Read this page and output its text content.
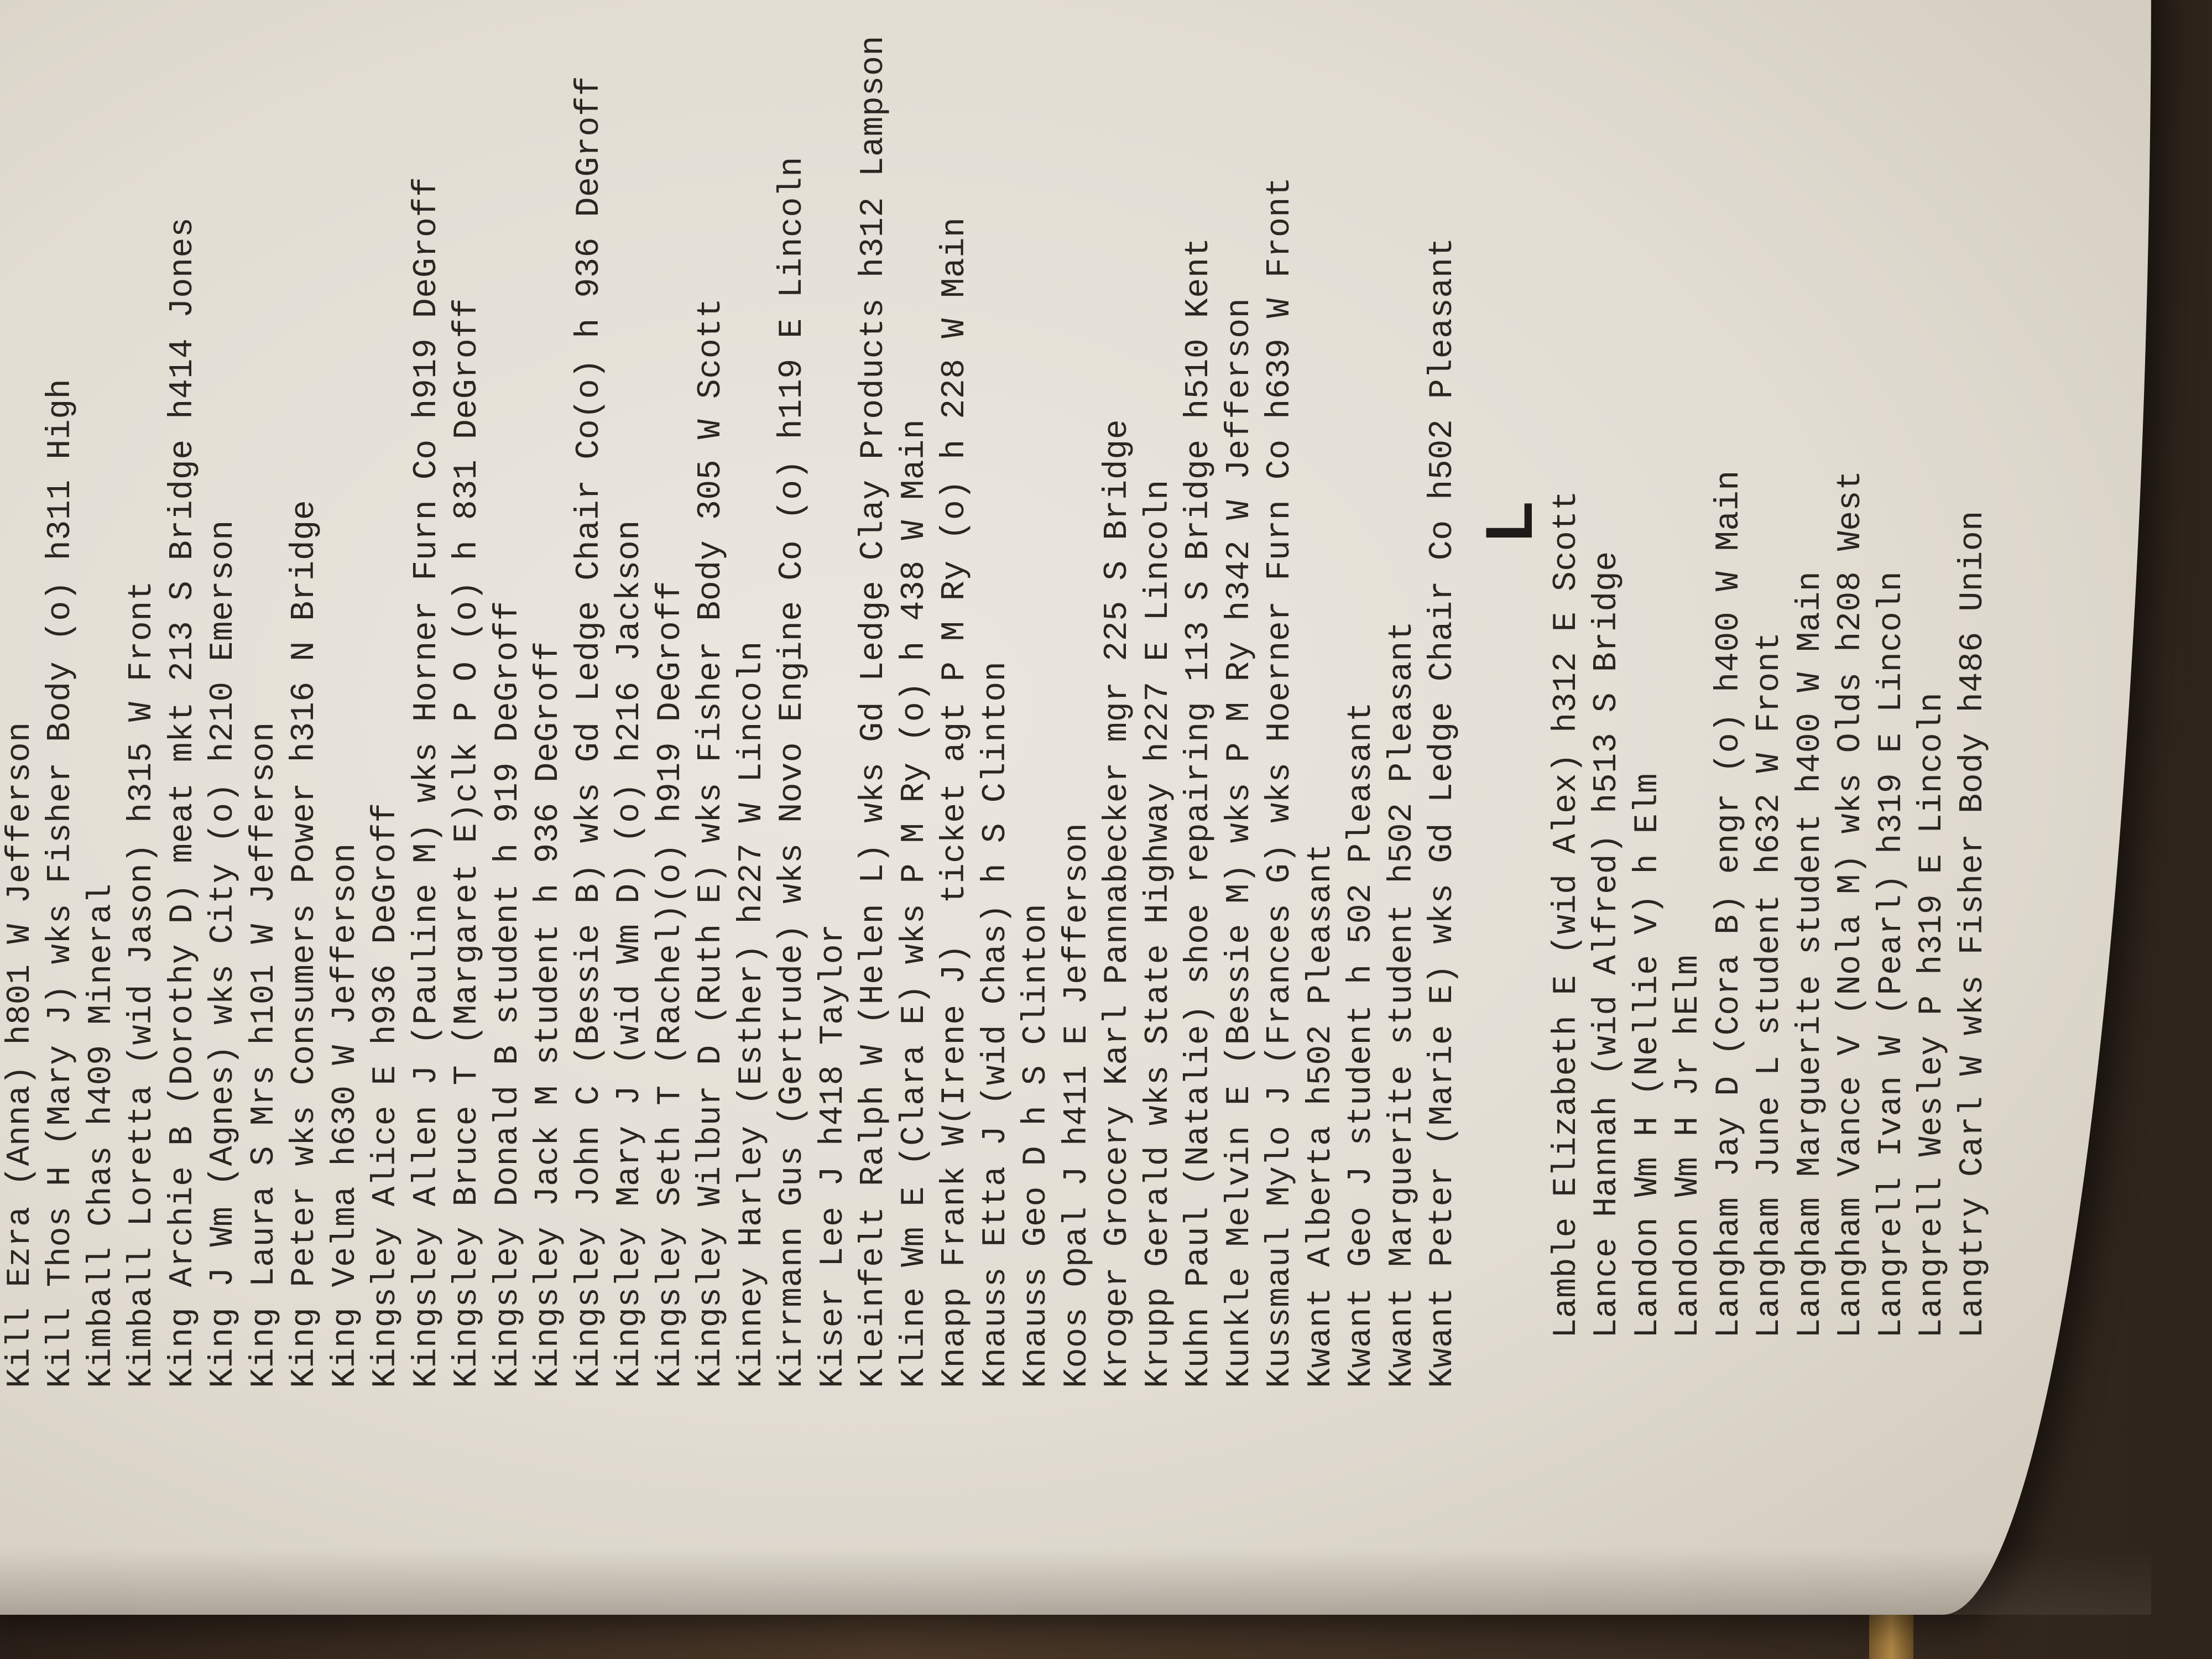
Kill Ezra (Anna) h801 W Jefferson Kill Thos H (Mary J) wks Fisher Body (o) h311 High Kimball Chas h409 Mineral Kimball Loretta (wid Jason) h315 W Front King Archie B (Dorothy D) meat mkt 213 S Bridge h414 Jones King J Wm (Agnes) wks City (o) h210 Emerson King Laura S Mrs h101 W Jefferson King Peter wks Consumers Power h316 N Bridge King Velma h630 W Jefferson Kingsley Alice E h936 DeGroff Kingsley Allen J (Pauline M) wks Horner Furn Co h919 DeGroff Kingsley Bruce T (Margaret E)clk P O (o) h 831 DeGroff Kingsley Donald B student h 919 DeGroff Kingsley Jack M student h 936 DeGroff Kingsley John C (Bessie B) wks Gd Ledge Chair Co(o) h 936 DeGroff Kingsley Mary J (wid Wm D) (o) h216 Jackson Kingsley Seth T (Rachel)(o) h919 DeGroff Kingsley Wilbur D (Ruth E) wks Fisher Body 305 W Scott Kinney Harley (Esther) h227 W Lincoln Kirrmann Gus (Gertrude) wks Novo Engine Co (o) h119 E Lincoln Kiser Lee J h418 Taylor Kleinfelt Ralph W (Helen L) wks Gd Ledge Clay Products h312 Lampson Kline Wm E (Clara E) wks P M Ry (o) h 438 W Main Knapp Frank W(Irene J)  ticket agt P M Ry (o) h 228 W Main Knauss Etta J (wid Chas) h S Clinton Knauss Geo D h S Clinton Koos Opal J h411 E Jefferson Kroger Grocery Karl Pannabecker mgr 225 S Bridge Krupp Gerald wks State Highway h227 E Lincoln Kuhn Paul (Natalie) shoe repairing 113 S Bridge h510 Kent Kunkle Melvin E (Bessie M) wks P M Ry h342 W Jefferson Kussmaul Mylo J (Frances G) wks Hoerner Furn Co h639 W Front Kwant Alberta h502 Pleasant Kwant Geo J student h 502 Pleasant Kwant Marguerite student h502 Pleasant Kwant Peter (Marie E) wks Gd Ledge Chair Co h502 Pleasant L Lamble Elizabeth E (wid Alex) h312 E Scott Lance Hannah (wid Alfred) h513 S Bridge Landon Wm H (Nellie V) h Elm Landon Wm H Jr hElm Langham Jay D (Cora B) engr (o) h400 W Main Langham June L student h632 W Front Langham Marguerite student h400 W Main Langham Vance V (Nola M) wks Olds h208 West Langrell Ivan W (Pearl) h319 E Lincoln Langrell Wesley P h319 E Lincoln Langtry Carl W wks Fisher Body h486 Union
